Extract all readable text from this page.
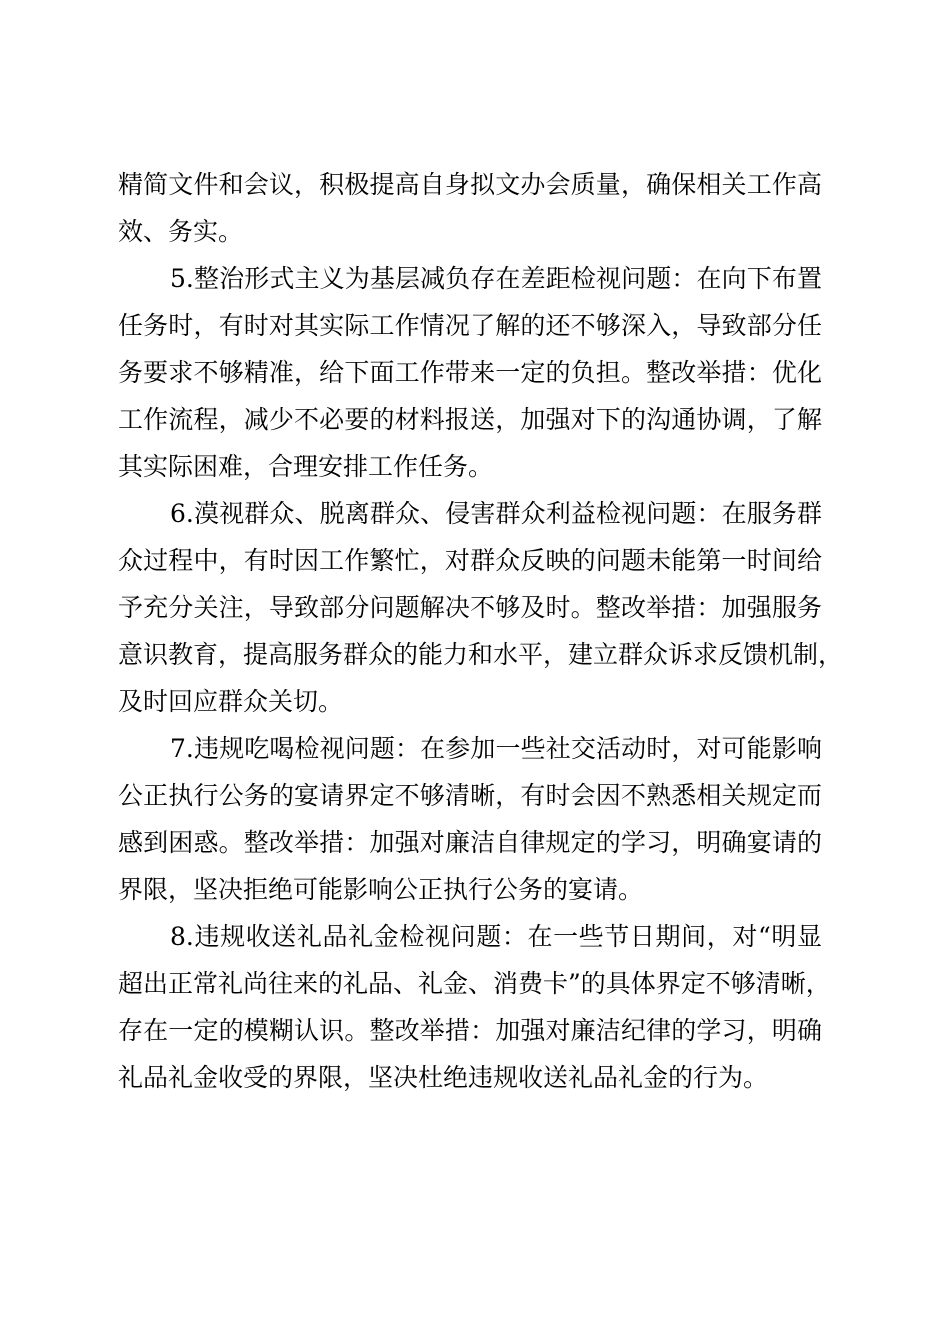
精简文件和会议，积极提高自身拟文办会质量，确保相关工作高
效、务实。
5.整治形式主义为基层减负存在差距检视问题：在向下布置
任务时，有时对其实际工作情况了解的还不够深入，导致部分任
务要求不够精准，给下面工作带来一定的负担。整改举措：优化
工作流程，减少不必要的材料报送，加强对下的沟通协调，了解
其实际困难，合理安排工作任务。
6.漠视群众、脱离群众、侵害群众利益检视问题：在服务群
众过程中，有时因工作繁忙，对群众反映的问题未能第一时间给
予充分关注，导致部分问题解决不够及时。整改举措：加强服务
意识教育，提高服务群众的能力和水平，建立群众诉求反馈机制，
及时回应群众关切。
7.违规吃喝检视问题：在参加一些社交活动时，对可能影响
公正执行公务的宴请界定不够清晰，有时会因不熟悉相关规定而
感到困惑。整改举措：加强对廉洁自律规定的学习，明确宴请的
界限，坚决拒绝可能影响公正执行公务的宴请。
8.违规收送礼品礼金检视问题：在一些节日期间，对“明显
超出正常礼尚往来的礼品、礼金、消费卡”的具体界定不够清晰，
存在一定的模糊认识。整改举措：加强对廉洁纪律的学习，明确
礼品礼金收受的界限，坚决杜绝违规收送礼品礼金的行为。
